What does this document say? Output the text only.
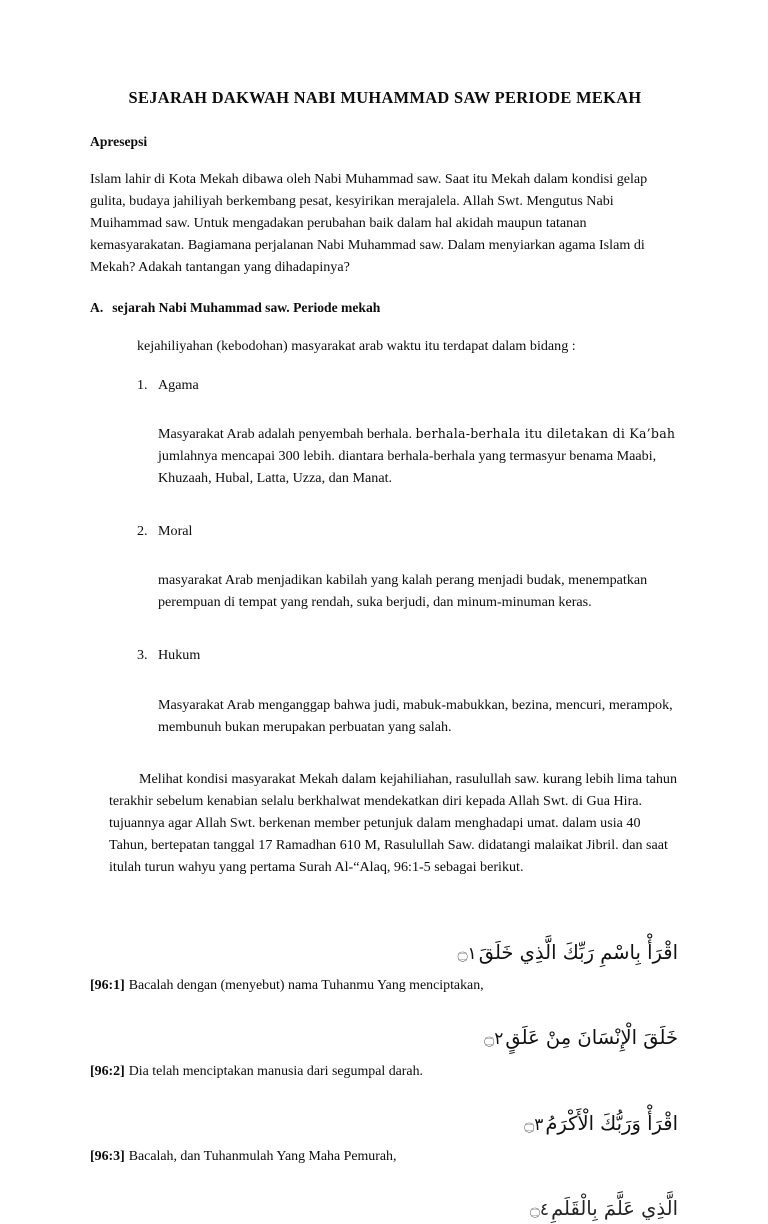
SEJARAH DAKWAH NABI MUHAMMAD SAW PERIODE MEKAH
Apresepsi

Islam lahir di Kota Mekah dibawa oleh Nabi Muhammad saw. Saat itu Mekah dalam kondisi gelap gulita, budaya jahiliyah berkembang pesat, kesyirikan merajalela. Allah Swt. Mengutus Nabi Muihammad saw. Untuk mengadakan perubahan baik dalam hal akidah maupun tatanan kemasyarakatan. Bagiamana perjalanan Nabi Muhammad saw. Dalam menyiarkan agama Islam di Mekah? Adakah tantangan yang dihadapinya?

A. sejarah Nabi Muhammad saw. Periode mekah

kejahiliyahan (kebodohan) masyarakat arab waktu itu terdapat dalam bidang :

1. Agama

Masyarakat Arab adalah penyembah berhala. berhala-berhala itu diletakan di Ka’bah jumlahnya mencapai 300 lebih. diantara berhala-berhala yang termasyur benama Maabi, Khuzaah, Hubal, Latta, Uzza, dan Manat.

2. Moral

masyarakat Arab menjadikan kabilah yang kalah perang menjadi budak, menempatkan perempuan di tempat yang rendah, suka berjudi, dan minum-minuman keras.

3. Hukum

Masyarakat Arab menganggap bahwa judi, mabuk-mabukkan, bezina, mencuri, merampok, membunuh bukan merupakan perbuatan yang salah.

Melihat kondisi masyarakat Mekah dalam kejahiliahan, rasulullah saw. kurang lebih lima tahun terakhir sebelum kenabian selalu berkhalwat mendekatkan diri kepada Allah Swt. di Gua Hira. tujuannya agar Allah Swt. berkenan member petunjuk dalam menghadapi umat. dalam usia 40 Tahun, bertepatan tanggal 17 Ramadhan 610 M, Rasulullah Saw. didatangi malaikat Jibril. dan saat itulah turun wahyu yang pertama Surah Al-“Alaq, 96:1-5 sebagai berikut.

اقْرَأْ بِاسْمِ رَبِّكَ الَّذِي خَلَقَ۝١

[96:1] Bacalah dengan (menyebut) nama Tuhanmu Yang menciptakan,

خَلَقَ الْإِنْسَانَ مِنْ عَلَقٍ۝٢

[96:2] Dia telah menciptakan manusia dari segumpal darah.

اقْرَأْ وَرَبُّكَ الْأَكْرَمُ۝٣

[96:3] Bacalah, dan Tuhanmulah Yang Maha Pemurah,

الَّذِي عَلَّمَ بِالْقَلَمِ۝٤
